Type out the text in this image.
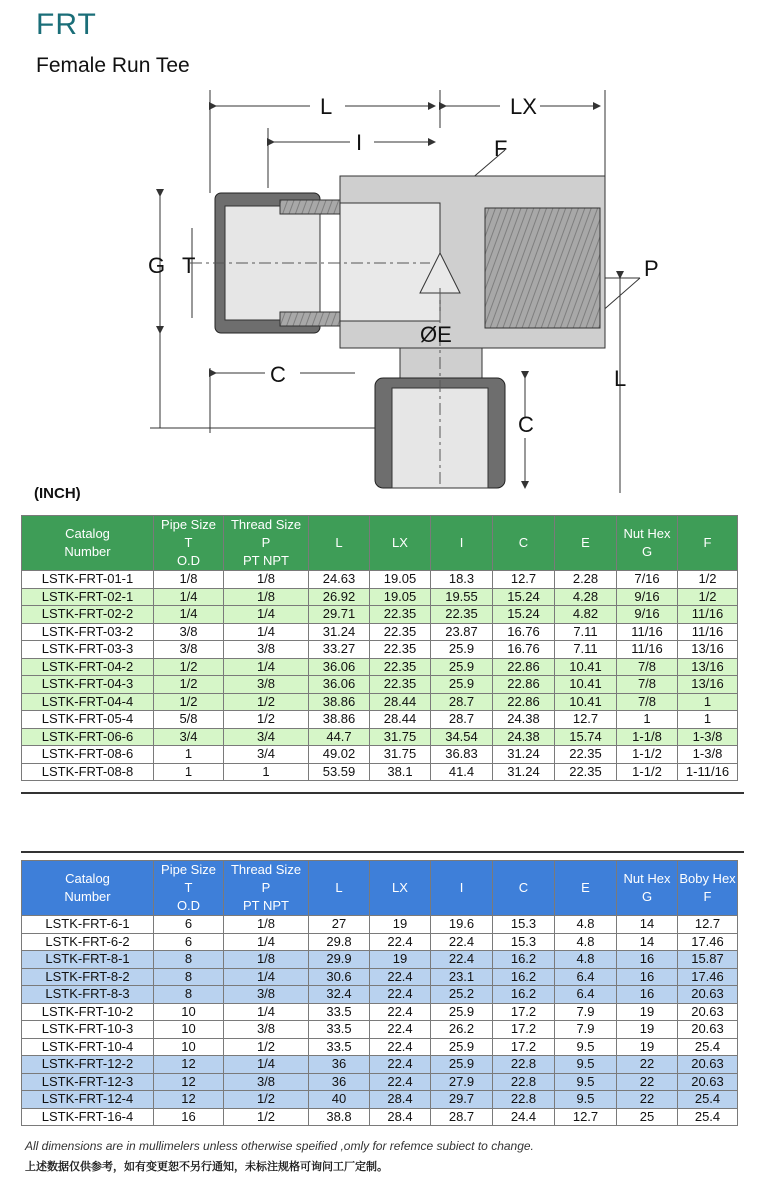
FRT
Female Run Tee
L	LX
I	F
G T	P
ØE
C	L
C
(INCH)
Catalog
Number	Pipe Size
T
O.D	Thread Size
P
PT NPT	L	LX	I	C	E	Nut Hex
G	F

LSTK-FRT-01-1	1/8	1/8	24.63	19.05	18.3	12.7	2.28	7/16	1/2
LSTK-FRT-02-1	1/4	1/8	26.92	19.05	19.55	15.24	4.28	9/16	1/2
LSTK-FRT-02-2	1/4	1/4	29.71	22.35	22.35	15.24	4.82	9/16	11/16
LSTK-FRT-03-2	3/8	1/4	31.24	22.35	23.87	16.76	7.11	11/16	11/16
LSTK-FRT-03-3	3/8	3/8	33.27	22.35	25.9	16.76	7.11	11/16	13/16
LSTK-FRT-04-2	1/2	1/4	36.06	22.35	25.9	22.86	10.41	7/8	13/16
LSTK-FRT-04-3	1/2	3/8	36.06	22.35	25.9	22.86	10.41	7/8	13/16
LSTK-FRT-04-4	1/2	1/2	38.86	28.44	28.7	22.86	10.41	7/8	1
LSTK-FRT-05-4	5/8	1/2	38.86	28.44	28.7	24.38	12.7	1	1
LSTK-FRT-06-6	3/4	3/4	44.7	31.75	34.54	24.38	15.74	1-1/8	1-3/8
LSTK-FRT-08-6	1	3/4	49.02	31.75	36.83	31.24	22.35	1-1/2	1-3/8
LSTK-FRT-08-8	1	1	53.59	38.1	41.4	31.24	22.35	1-1/2	1-11/16
Catalog
Number	Pipe Size
T
O.D	Thread Size
P
PT NPT	L	LX	I	C	E	Nut Hex
G	Boby Hex
F

LSTK-FRT-6-1	6	1/8	27	19	19.6	15.3	4.8	14	12.7
LSTK-FRT-6-2	6	1/4	29.8	22.4	22.4	15.3	4.8	14	17.46
LSTK-FRT-8-1	8	1/8	29.9	19	22.4	16.2	4.8	16	15.87
LSTK-FRT-8-2	8	1/4	30.6	22.4	23.1	16.2	6.4	16	17.46
LSTK-FRT-8-3	8	3/8	32.4	22.4	25.2	16.2	6.4	16	20.63
LSTK-FRT-10-2	10	1/4	33.5	22.4	25.9	17.2	7.9	19	20.63
LSTK-FRT-10-3	10	3/8	33.5	22.4	26.2	17.2	7.9	19	20.63
LSTK-FRT-10-4	10	1/2	33.5	22.4	25.9	17.2	9.5	19	25.4
LSTK-FRT-12-2	12	1/4	36	22.4	25.9	22.8	9.5	22	20.63
LSTK-FRT-12-3	12	3/8	36	22.4	27.9	22.8	9.5	22	20.63
LSTK-FRT-12-4	12	1/2	40	28.4	29.7	22.8	9.5	22	25.4
LSTK-FRT-16-4	16	1/2	38.8	28.4	28.7	24.4	12.7	25	25.4
All dimensions are in mullimelers unless otherwise speified ,omly for refemce subiect to change.
上述数据仅供参考，如有变更恕不另行通知，未标注规格可询问工厂定制。
